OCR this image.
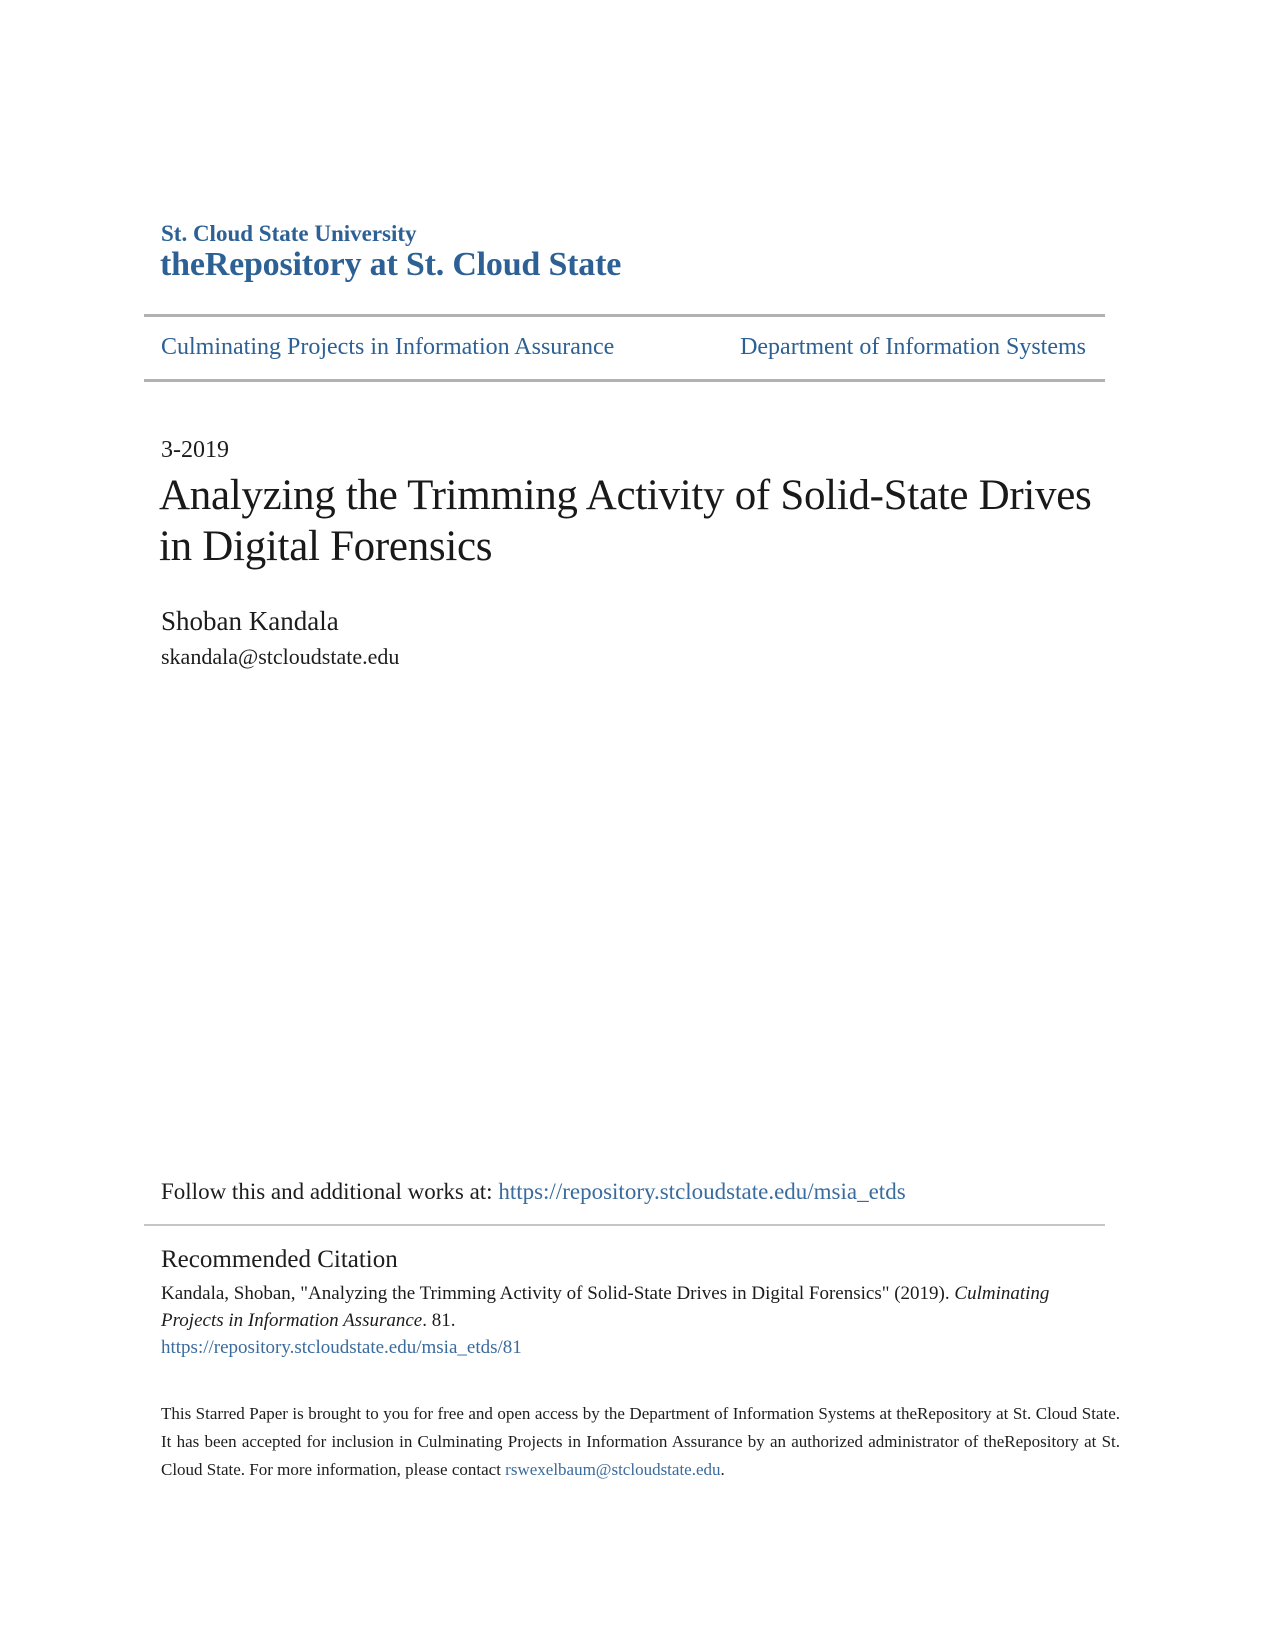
St. Cloud State University
theRepository at St. Cloud State
Culminating Projects in Information Assurance	Department of Information Systems
3-2019
Analyzing the Trimming Activity of Solid-State Drives in Digital Forensics
Shoban Kandala
skandala@stcloudstate.edu
Follow this and additional works at: https://repository.stcloudstate.edu/msia_etds
Recommended Citation
Kandala, Shoban, "Analyzing the Trimming Activity of Solid-State Drives in Digital Forensics" (2019). Culminating Projects in Information Assurance. 81.
https://repository.stcloudstate.edu/msia_etds/81
This Starred Paper is brought to you for free and open access by the Department of Information Systems at theRepository at St. Cloud State. It has been accepted for inclusion in Culminating Projects in Information Assurance by an authorized administrator of theRepository at St. Cloud State. For more information, please contact rswexelbaum@stcloudstate.edu.
